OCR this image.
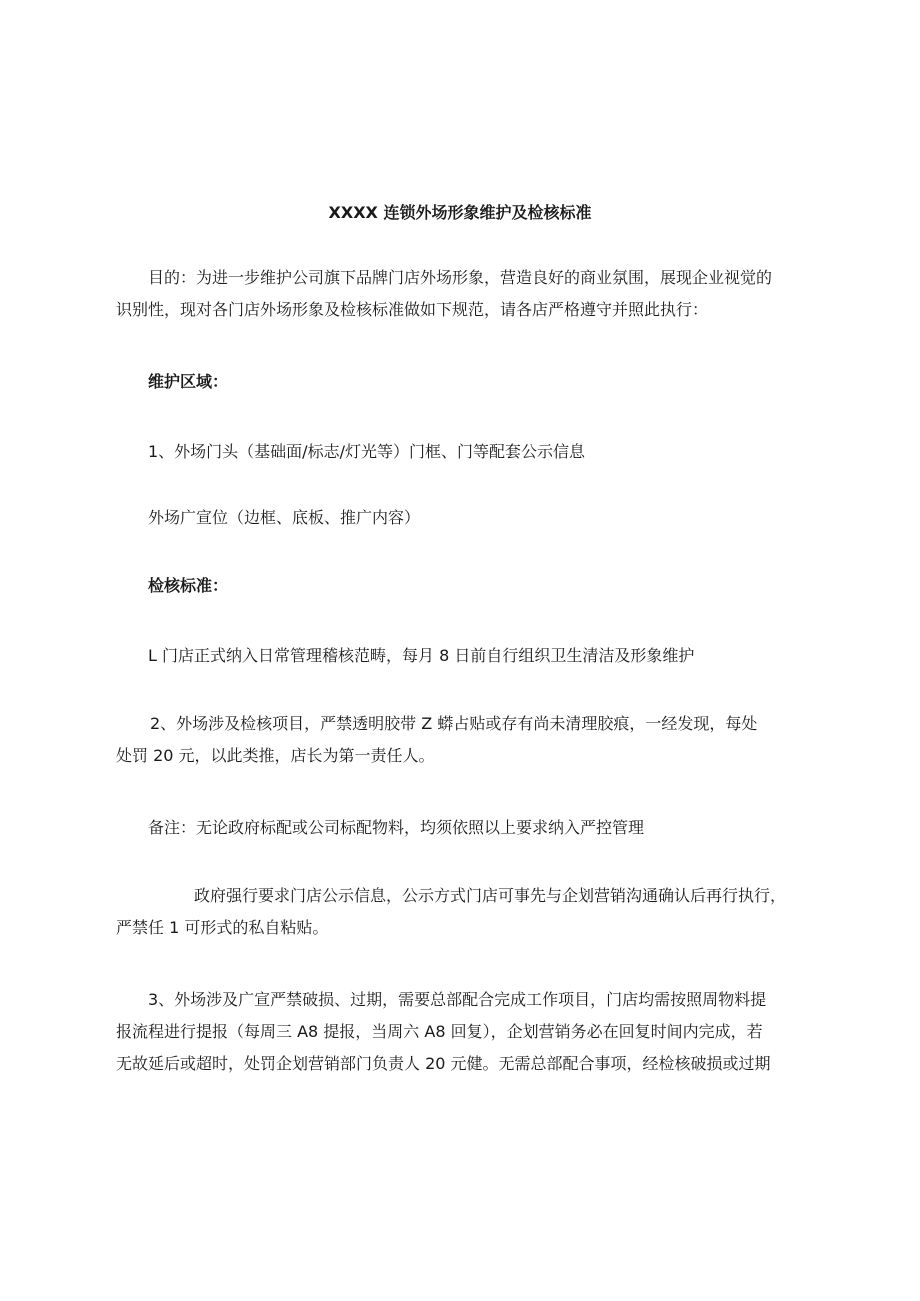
XXXX 连锁外场形象维护及检核标准
目的：为进一步维护公司旗下品牌门店外场形象，营造良好的商业氛围，展现企业视觉的
识别性，现对各门店外场形象及检核标准做如下规范，请各店严格遵守并照此执行：
维护区域：
1、外场门头（基础面/标志/灯光等）门框、门等配套公示信息
外场广宣位（边框、底板、推广内容）
检核标准：
L 门店正式纳入日常管理稽核范畴，每月 8 日前自行组织卫生清洁及形象维护
2、外场涉及检核项目，严禁透明胶带 Z 蟒占贴或存有尚未清理胶痕，一经发现，每处
处罚 20 元，以此类推，店长为第一责任人。
备注：无论政府标配或公司标配物料，均须依照以上要求纳入严控管理
政府强行要求门店公示信息，公示方式门店可事先与企划营销沟通确认后再行执行，
严禁任 1 可形式的私自粘贴。
3、外场涉及广宣严禁破损、过期，需要总部配合完成工作项目，门店均需按照周物料提
报流程进行提报（每周三 A8 提报，当周六 A8 回复），企划营销务必在回复时间内完成，若
无故延后或超时，处罚企划营销部门负责人 20 元健。无需总部配合事项，经检核破损或过期
